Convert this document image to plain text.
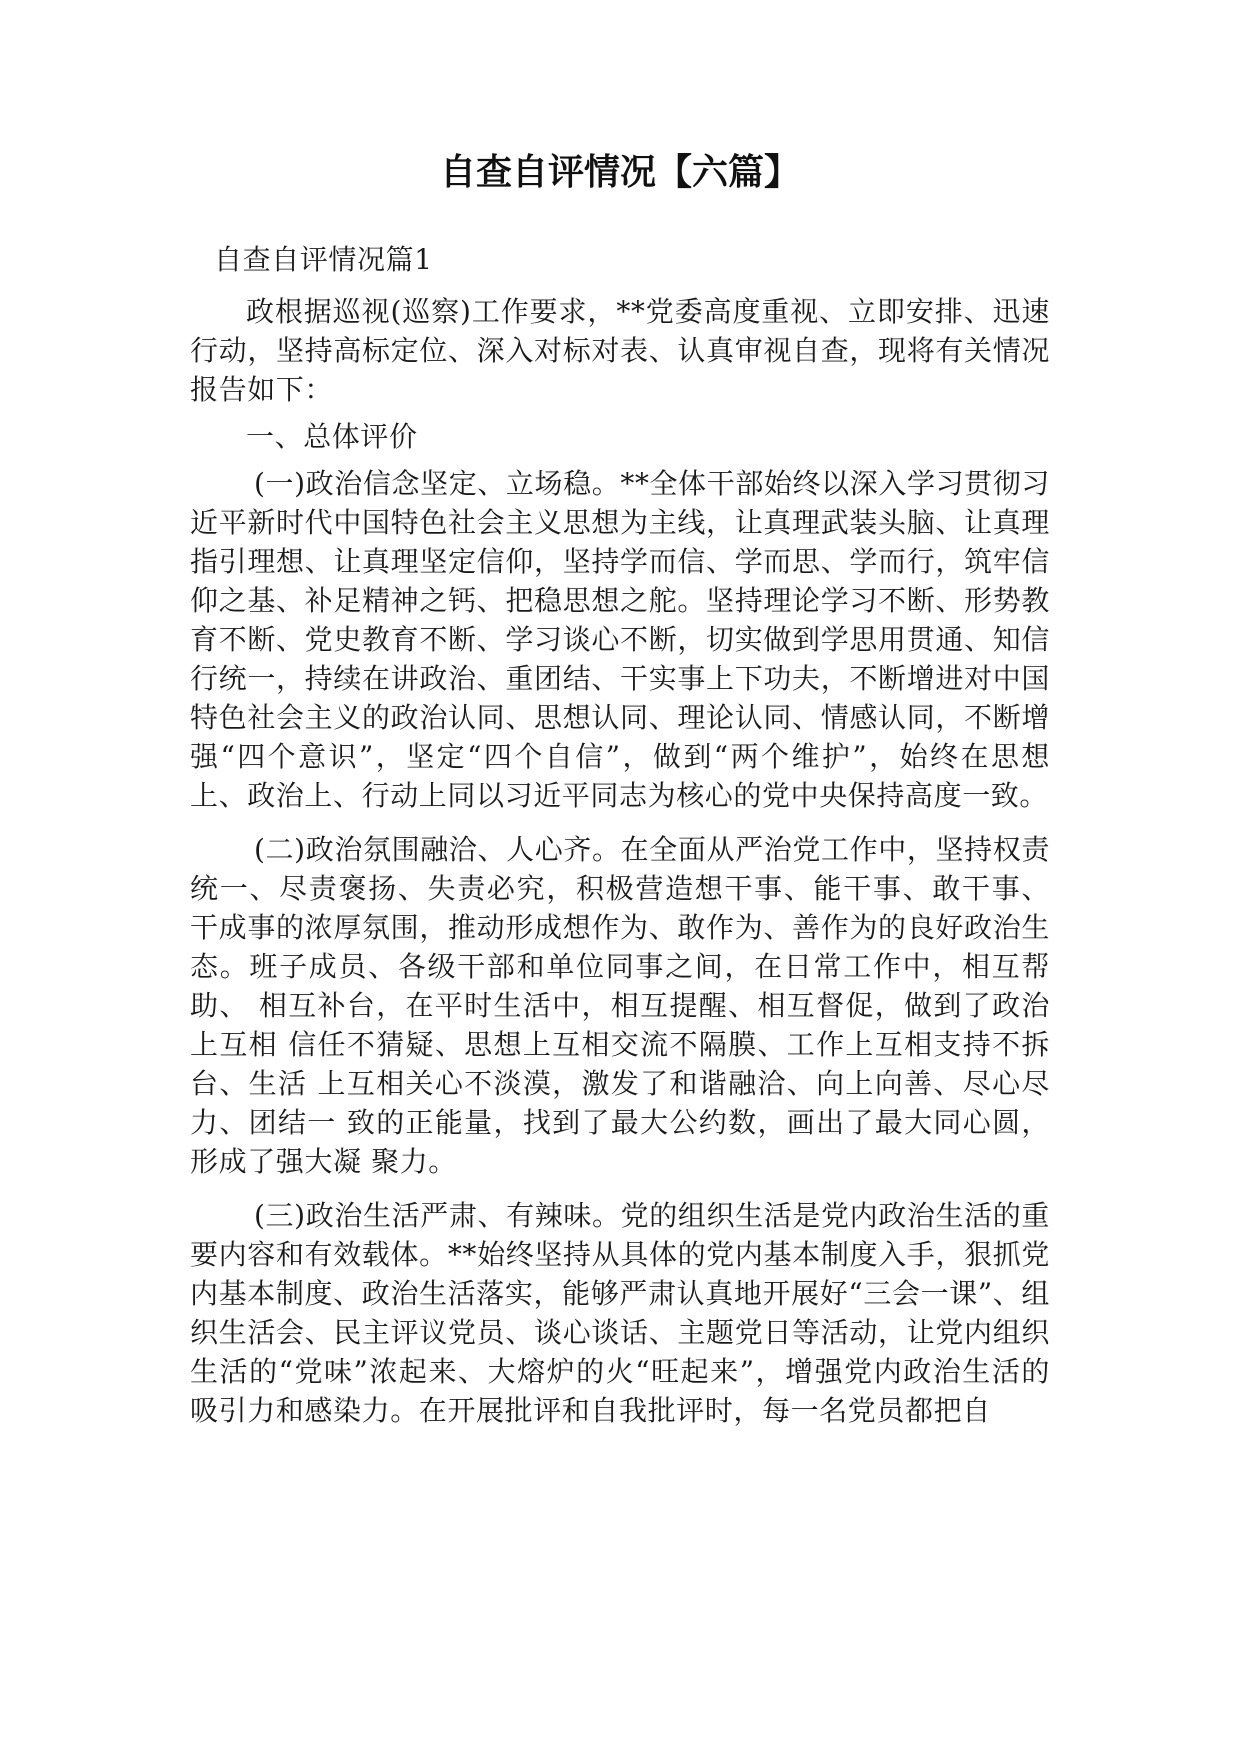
自查自评情况【六篇】

自查自评情况篇1

政根据巡视(巡察)工作要求，**党委高度重视、立即安排、迅速行动，坚持高标定位、深入对标对表、认真审视自查，现将有关情况报告如下：

一、总体评价

(一)政治信念坚定、立场稳。**全体干部始终以深入学习贯彻习近平新时代中国特色社会主义思想为主线，让真理武装头脑、让真理指引理想、让真理坚定信仰，坚持学而信、学而思、学而行，筑牢信仰之基、补足精神之钙、把稳思想之舵。坚持理论学习不断、形势教育不断、党史教育不断、学习谈心不断，切实做到学思用贯通、知信行统一，持续在讲政治、重团结、干实事上下功夫，不断增进对中国特色社会主义的政治认同、思想认同、理论认同、情感认同，不断增强“四个意识”，坚定“四个自信”，做到“两个维护”，始终在思想上、政治上、行动上同以习近平同志为核心的党中央保持高度一致。

(二)政治氛围融洽、人心齐。在全面从严治党工作中，坚持权责统一、尽责褒扬、失责必究，积极营造想干事、能干事、敢干事、 干成事的浓厚氛围，推动形成想作为、敢作为、善作为的良好政治生 态。班子成员、各级干部和单位同事之间，在日常工作中，相互帮助、 相互补台，在平时生活中，相互提醒、相互督促，做到了政治上互相 信任不猜疑、思想上互相交流不隔膜、工作上互相支持不拆台、生活 上互相关心不淡漠，激发了和谐融洽、向上向善、尽心尽力、团结一 致的正能量，找到了最大公约数，画出了最大同心圆，形成了强大凝 聚力。

(三)政治生活严肃、有辣味。党的组织生活是党内政治生活的重要内容和有效载体。**始终坚持从具体的党内基本制度入手，狠抓党内基本制度、政治生活落实，能够严肃认真地开展好“三会一课”、组织生活会、民主评议党员、谈心谈话、主题党日等活动，让党内组织生活的“党味”浓起来、大熔炉的火“旺起来”，增强党内政治生活的吸引力和感染力。在开展批评和自我批评时，每一名党员都把自
